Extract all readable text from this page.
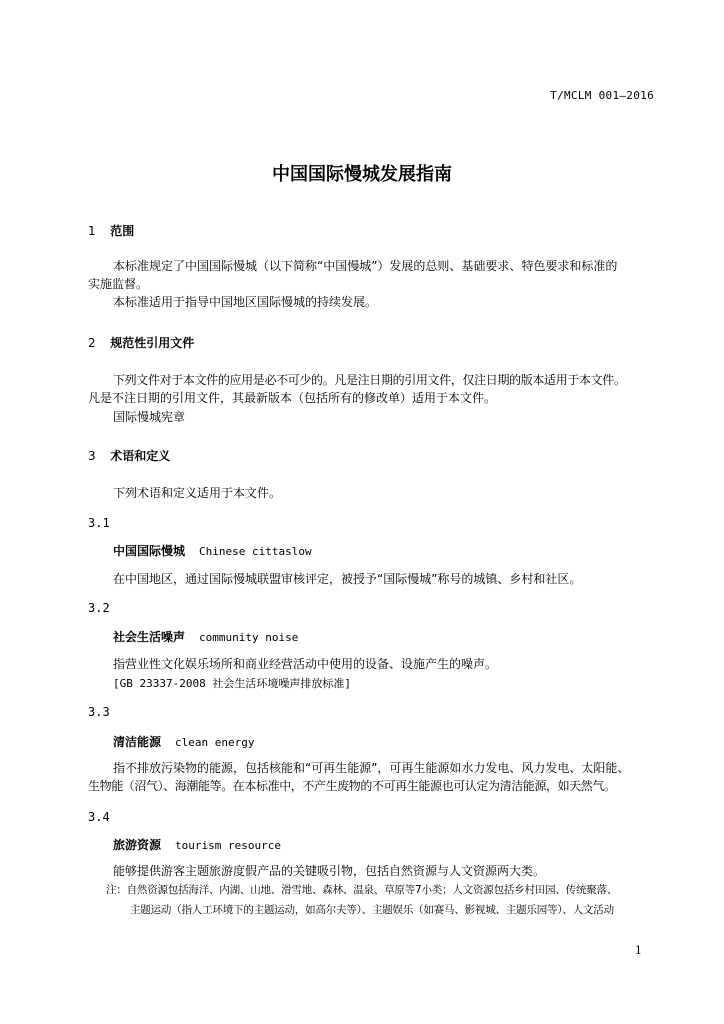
T/MCLM 001—2016
中国国际慢城发展指南
1 范围
本标准规定了中国国际慢城（以下简称“中国慢城”）发展的总则、基础要求、特色要求和标准的
实施监督。
本标准适用于指导中国地区国际慢城的持续发展。
2 规范性引用文件
下列文件对于本文件的应用是必不可少的。凡是注日期的引用文件，仅注日期的版本适用于本文件。
凡是不注日期的引用文件，其最新版本（包括所有的修改单）适用于本文件。
国际慢城宪章
3 术语和定义
下列术语和定义适用于本文件。
3.1
中国国际慢城 Chinese cittaslow
在中国地区，通过国际慢城联盟审核评定，被授予“国际慢城”称号的城镇、乡村和社区。
3.2
社会生活噪声 community noise
指营业性文化娱乐场所和商业经营活动中使用的设备、设施产生的噪声。
[GB 23337-2008 社会生活环境噪声排放标准]
3.3
清洁能源 clean energy
指不排放污染物的能源，包括核能和“可再生能源”，可再生能源如水力发电、风力发电、太阳能、
生物能（沼气）、海潮能等。在本标准中，不产生废物的不可再生能源也可认定为清洁能源，如天然气。
3.4
旅游资源 tourism resource
能够提供游客主题旅游度假产品的关键吸引物，包括自然资源与人文资源两大类。
注：自然资源包括海洋、内湖、山地、滑雪地、森林、温泉、草原等7小类；人文资源包括乡村田园、传统聚落、
主题运动（指人工环境下的主题运动，如高尔夫等）、主题娱乐（如赛马、影视城、主题乐园等）、人文活动
1
